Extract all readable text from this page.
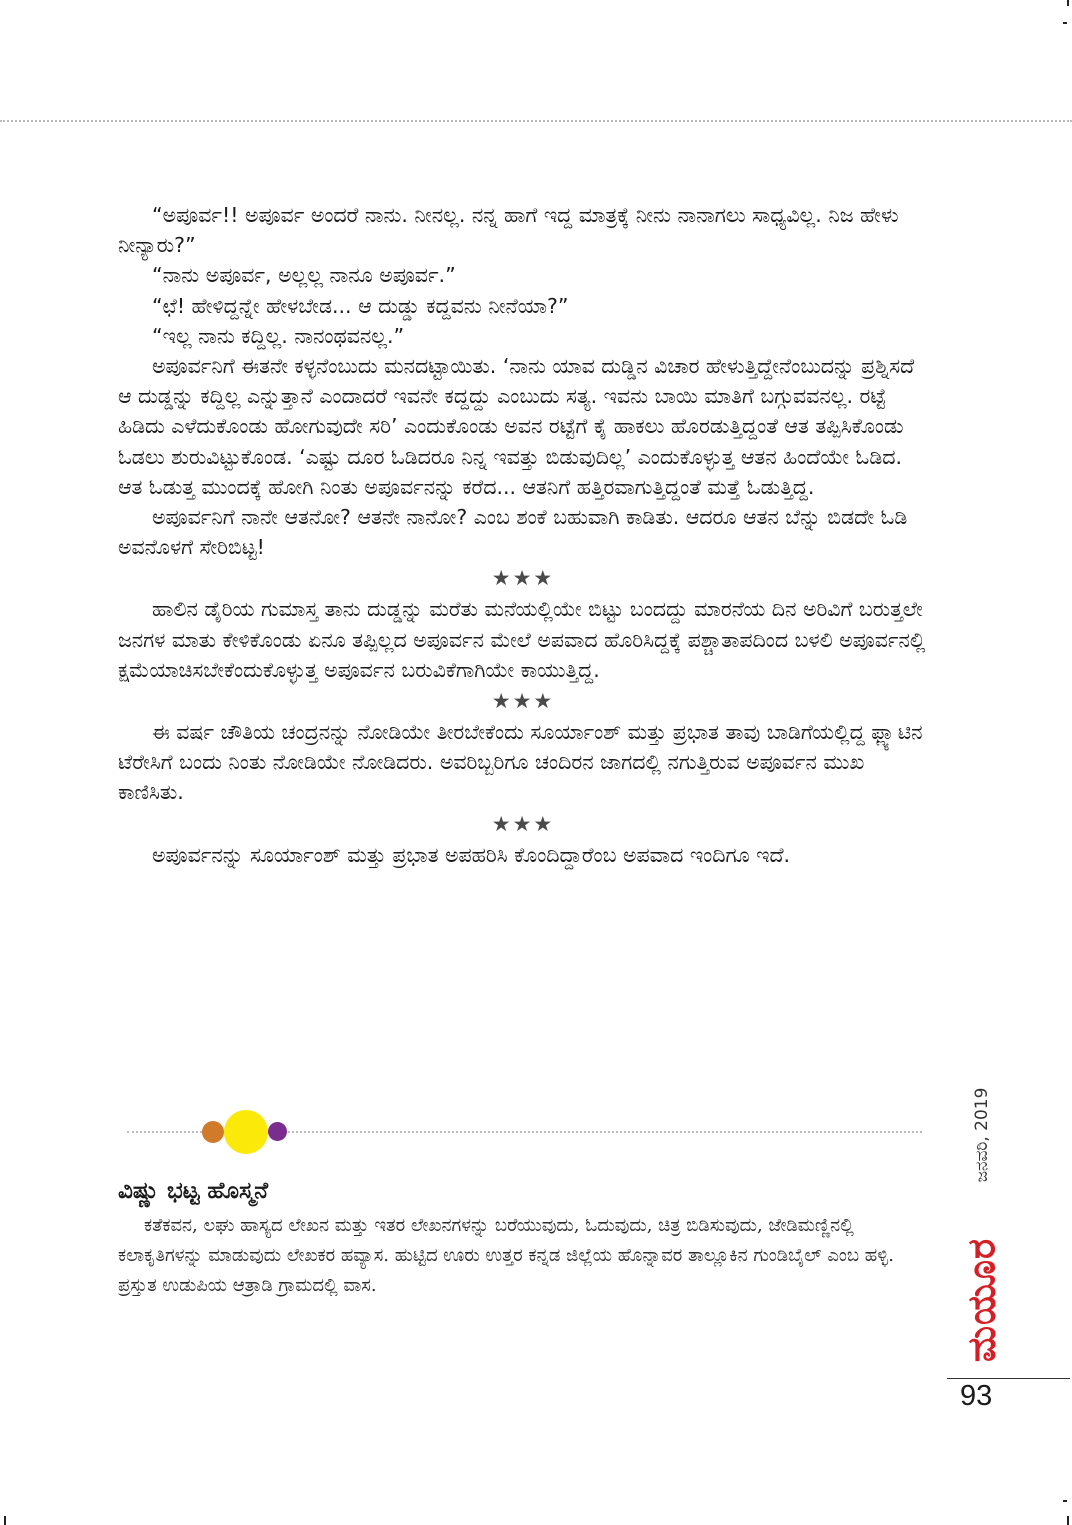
“ಅಪೂರ್ವ!! ಅಪೂರ್ವ ಅಂದರೆ ನಾನು. ನೀನಲ್ಲ. ನನ್ನ ಹಾಗೆ ಇದ್ದ ಮಾತ್ರಕ್ಕೆ ನೀನು ನಾನಾಗಲು ಸಾಧ್ಯವಿಲ್ಲ. ನಿಜ ಹೇಳು ನೀನ್ಯಾರು?”

“ನಾನು ಅಪೂರ್ವ, ಅಲ್ಲಲ್ಲ ನಾನೂ ಅಪೂರ್ವ.”

“ಛೆ! ಹೇಳಿದ್ದನ್ನೇ ಹೇಳಬೇಡ... ಆ ದುಡ್ಡು ಕದ್ದವನು ನೀನೆಯಾ?”

“ಇಲ್ಲ ನಾನು ಕದ್ದಿಲ್ಲ. ನಾನಂಥವನಲ್ಲ.”

ಅಪೂರ್ವನಿಗೆ ಈತನೇ ಕಳ್ಳನೆಂಬುದು ಮನದಟ್ಟಾಯಿತು. ‘ನಾನು ಯಾವ ದುಡ್ಡಿನ ವಿಚಾರ ಹೇಳುತ್ತಿದ್ದೇನೆಂಬುದನ್ನು ಪ್ರಶ್ನಿಸದೆ ಆ ದುಡ್ಡನ್ನು ಕದ್ದಿಲ್ಲ ಎನ್ನುತ್ತಾನೆ ಎಂದಾದರೆ ಇವನೇ ಕದ್ದದ್ದು ಎಂಬುದು ಸತ್ಯ. ಇವನು ಬಾಯಿ ಮಾತಿಗೆ ಬಗ್ಗುವವನಲ್ಲ. ರಟ್ಟೆ ಹಿಡಿದು ಎಳೆದುಕೊಂಡು ಹೋಗುವುದೇ ಸರಿ’ ಎಂದುಕೊಂಡು ಅವನ ರಟ್ಟೆಗೆ ಕೈ ಹಾಕಲು ಹೊರಡುತ್ತಿದ್ದಂತೆ ಆತ ತಪ್ಪಿಸಿಕೊಂಡು ಓಡಲು ಶುರುವಿಟ್ಟುಕೊಂಡ. ‘ಎಷ್ಟು ದೂರ ಓಡಿದರೂ ನಿನ್ನ ಇವತ್ತು ಬಿಡುವುದಿಲ್ಲ’ ಎಂದುಕೊಳ್ಳುತ್ತ ಆತನ ಹಿಂದೆಯೇ ಓಡಿದ. ಆತ ಓಡುತ್ತ ಮುಂದಕ್ಕೆ ಹೋಗಿ ನಿಂತು ಅಪೂರ್ವನನ್ನು ಕರೆದ... ಆತನಿಗೆ ಹತ್ತಿರವಾಗುತ್ತಿದ್ದಂತೆ ಮತ್ತೆ ಓಡುತ್ತಿದ್ದ.

ಅಪೂರ್ವನಿಗೆ ನಾನೇ ಆತನೋ? ಆತನೇ ನಾನೋ? ಎಂಬ ಶಂಕೆ ಬಹುವಾಗಿ ಕಾಡಿತು. ಆದರೂ ಆತನ ಬೆನ್ನು ಬಿಡದೇ ಓಡಿ ಅವನೊಳಗೆ ಸೇರಿಬಿಟ್ಟ!

★★★

ಹಾಲಿನ ಡೈರಿಯ ಗುಮಾಸ್ತ ತಾನು ದುಡ್ಡನ್ನು ಮರೆತು ಮನೆಯಲ್ಲಿಯೇ ಬಿಟ್ಟು ಬಂದದ್ದು ಮಾರನೆಯ ದಿನ ಅರಿವಿಗೆ ಬರುತ್ತಲೇ ಜನಗಳ ಮಾತು ಕೇಳಿಕೊಂಡು ಏನೂ ತಪ್ಪಿಲ್ಲದ ಅಪೂರ್ವನ ಮೇಲೆ ಅಪವಾದ ಹೊರಿಸಿದ್ದಕ್ಕೆ ಪಶ್ಚಾತಾಪದಿಂದ ಬಳಲಿ ಅಪೂರ್ವನಲ್ಲಿ ಕ್ಷಮೆಯಾಚಿಸಬೇಕೆಂದುಕೊಳ್ಳುತ್ತ ಅಪೂರ್ವನ ಬರುವಿಕೆಗಾಗಿಯೇ ಕಾಯುತ್ತಿದ್ದ.

★★★

ಈ ವರ್ಷ ಚೌತಿಯ ಚಂದ್ರನನ್ನು ನೋಡಿಯೇ ತೀರಬೇಕೆಂದು ಸೂರ್ಯಾಂಶ್ ಮತ್ತು ಪ್ರಭಾತ ತಾವು ಬಾಡಿಗೆಯಲ್ಲಿದ್ದ ಫ್ಲ್ಯಾಟಿನ ಟೆರೇಸಿಗೆ ಬಂದು ನಿಂತು ನೋಡಿಯೇ ನೋಡಿದರು. ಅವರಿಬ್ಬರಿಗೂ ಚಂದಿರನ ಜಾಗದಲ್ಲಿ ನಗುತ್ತಿರುವ ಅಪೂರ್ವನ ಮುಖ ಕಾಣಿಸಿತು.

★★★

ಅಪೂರ್ವನನ್ನು ಸೂರ್ಯಾಂಶ್ ಮತ್ತು ಪ್ರಭಾತ ಅಪಹರಿಸಿ ಕೊಂದಿದ್ದಾರೆಂಬ ಅಪವಾದ ಇಂದಿಗೂ ಇದೆ.

ವಿಷ್ಣು ಭಟ್ಟ ಹೊಸ್ಮನೆ

ಕತೆಕವನ, ಲಘು ಹಾಸ್ಯದ ಲೇಖನ ಮತ್ತು ಇತರ ಲೇಖನಗಳನ್ನು ಬರೆಯುವುದು, ಓದುವುದು, ಚಿತ್ರ ಬಿಡಿಸುವುದು, ಜೇಡಿಮಣ್ಣಿನಲ್ಲಿ ಕಲಾಕೃತಿಗಳನ್ನು ಮಾಡುವುದು ಲೇಖಕರ ಹವ್ಯಾಸ. ಹುಟ್ಟಿದ ಊರು ಉತ್ತರ ಕನ್ನಡ ಜಿಲ್ಲೆಯ ಹೊನ್ನಾವರ ತಾಲ್ಲೂಕಿನ ಗುಂಡಿಬೈಲ್ ಎಂಬ ಹಳ್ಳಿ. ಪ್ರಸ್ತುತ ಉಡುಪಿಯ ಆತ್ರಾಡಿ ಗ್ರಾಮದಲ್ಲಿ ವಾಸ.

ಜನವರಿ, 2019
ಮಯೂರ
93
